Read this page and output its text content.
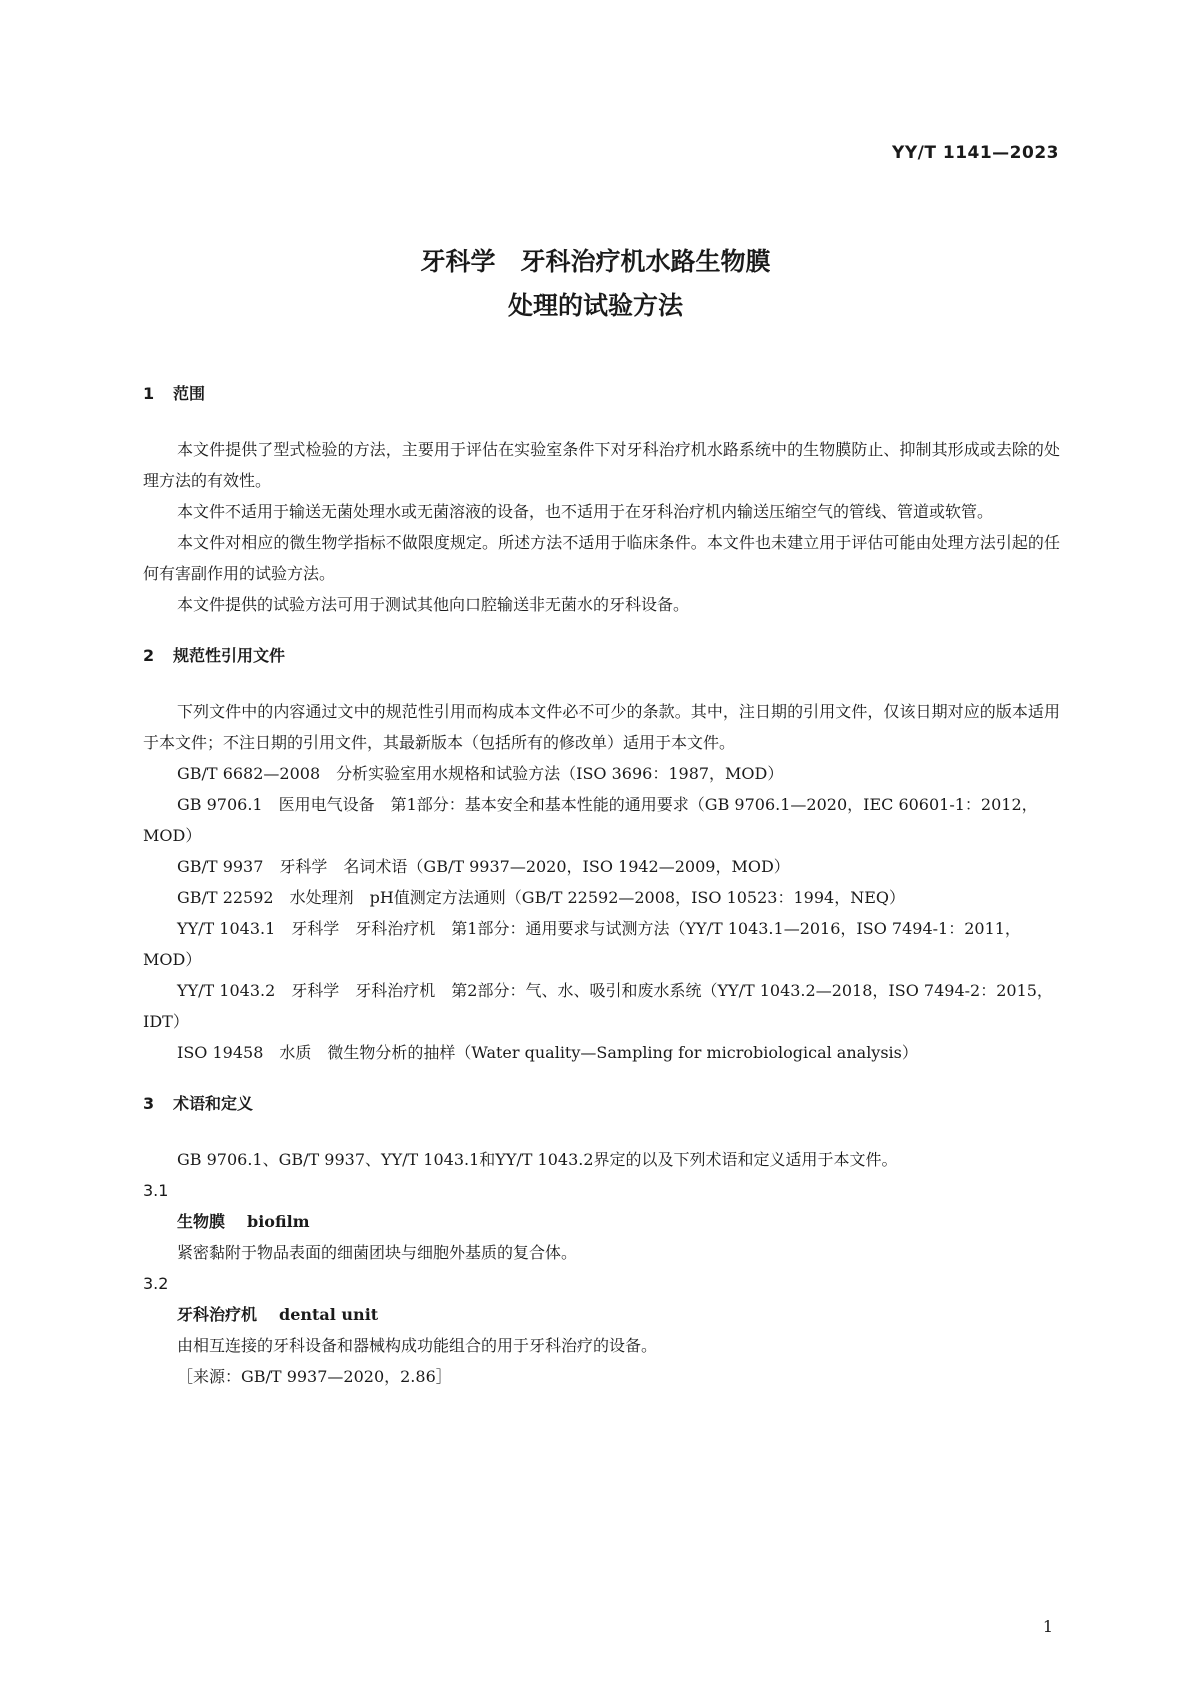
YY/T 1141—2023
牙科学　牙科治疗机水路生物膜
处理的试验方法
1 范围

本文件提供了型式检验的方法，主要用于评估在实验室条件下对牙科治疗机水路系统中的生物膜防止、抑制其形成或去除的处理方法的有效性。

本文件不适用于输送无菌处理水或无菌溶液的设备，也不适用于在牙科治疗机内输送压缩空气的管线、管道或软管。

本文件对相应的微生物学指标不做限度规定。所述方法不适用于临床条件。本文件也未建立用于评估可能由处理方法引起的任何有害副作用的试验方法。

本文件提供的试验方法可用于测试其他向口腔输送非无菌水的牙科设备。

2 规范性引用文件

下列文件中的内容通过文中的规范性引用而构成本文件必不可少的条款。其中，注日期的引用文件，仅该日期对应的版本适用于本文件；不注日期的引用文件，其最新版本（包括所有的修改单）适用于本文件。

GB/T 6682—2008　分析实验室用水规格和试验方法（ISO 3696：1987，MOD）

GB 9706.1　医用电气设备　第1部分：基本安全和基本性能的通用要求（GB 9706.1—2020，IEC 60601-1：2012，MOD）

GB/T 9937　牙科学　名词术语（GB/T 9937—2020，ISO 1942—2009，MOD）

GB/T 22592　水处理剂　pH值测定方法通则（GB/T 22592—2008，ISO 10523：1994，NEQ）

YY/T 1043.1　牙科学　牙科治疗机　第1部分：通用要求与试测方法（YY/T 1043.1—2016，ISO 7494-1：2011，MOD）

YY/T 1043.2　牙科学　牙科治疗机　第2部分：气、水、吸引和废水系统（YY/T 1043.2—2018，ISO 7494-2：2015，IDT）

ISO 19458　水质　微生物分析的抽样（Water quality—Sampling for microbiological analysis）

3 术语和定义

GB 9706.1、GB/T 9937、YY/T 1043.1和YY/T 1043.2界定的以及下列术语和定义适用于本文件。

3.1

生物膜 biofilm

紧密黏附于物品表面的细菌团块与细胞外基质的复合体。

3.2

牙科治疗机 dental unit

由相互连接的牙科设备和器械构成功能组合的用于牙科治疗的设备。

［来源：GB/T 9937—2020，2.86］

1
